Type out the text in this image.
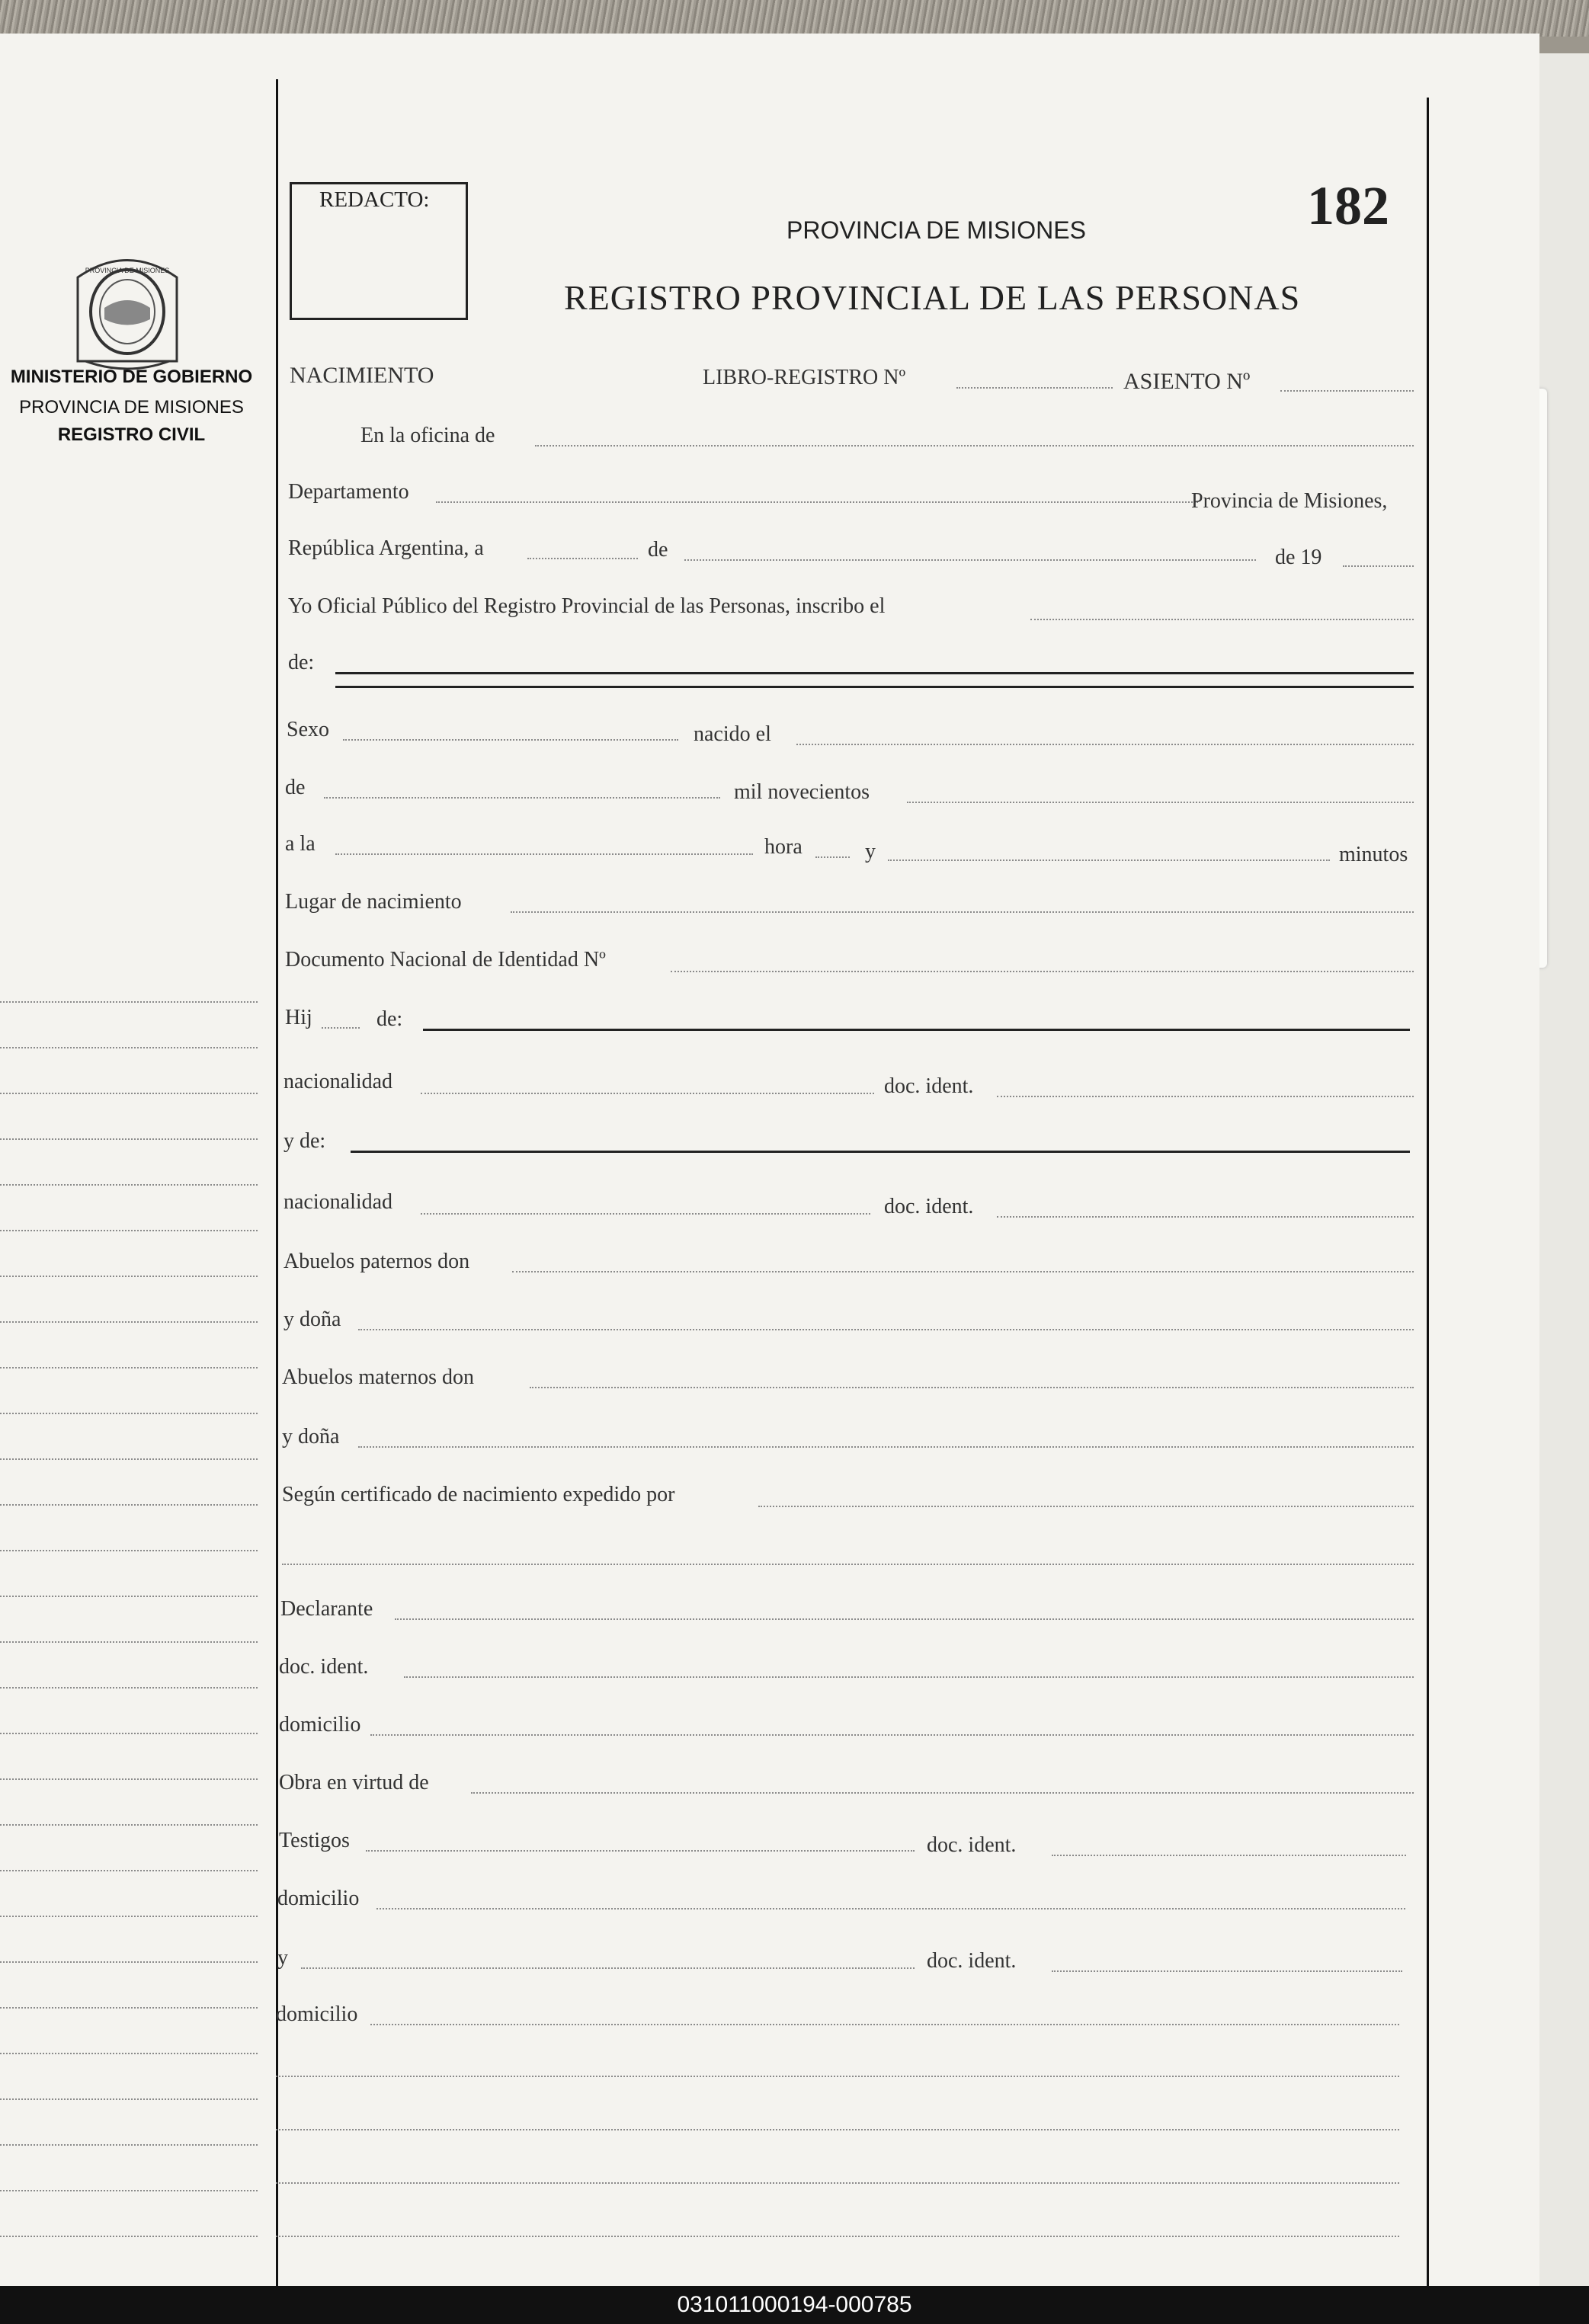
REDACTO:	182
PROVINCIA DE MISIONES
REGISTRO PROVINCIAL DE LAS PERSONAS
PROVINCIA DE MISIONES
MINISTERIO DE GOBIERNO
PROVINCIA DE MISIONES
REGISTRO CIVIL
NACIMIENTO	LIBRO-REGISTRO Nº	ASIENTO Nº
En la oficina de
Departamento	Provincia de Misiones,
República Argentina, a	de	de 19
Yo Oficial Público del Registro Provincial de las Personas, inscribo el
de:
Sexo	nacido el
de	mil novecientos
a la	hora	y	minutos
Lugar de nacimiento
Documento Nacional de Identidad Nº
Hij	de:
nacionalidad	doc. ident.
y de:
nacionalidad	doc. ident.
Abuelos paternos don
y doña
Abuelos maternos don
y doña
Según certificado de nacimiento expedido por
Declarante
doc. ident.
domicilio
Obra en virtud de
Testigos	doc. ident.
domicilio
y	doc. ident.
domicilio
031011000194-000785
